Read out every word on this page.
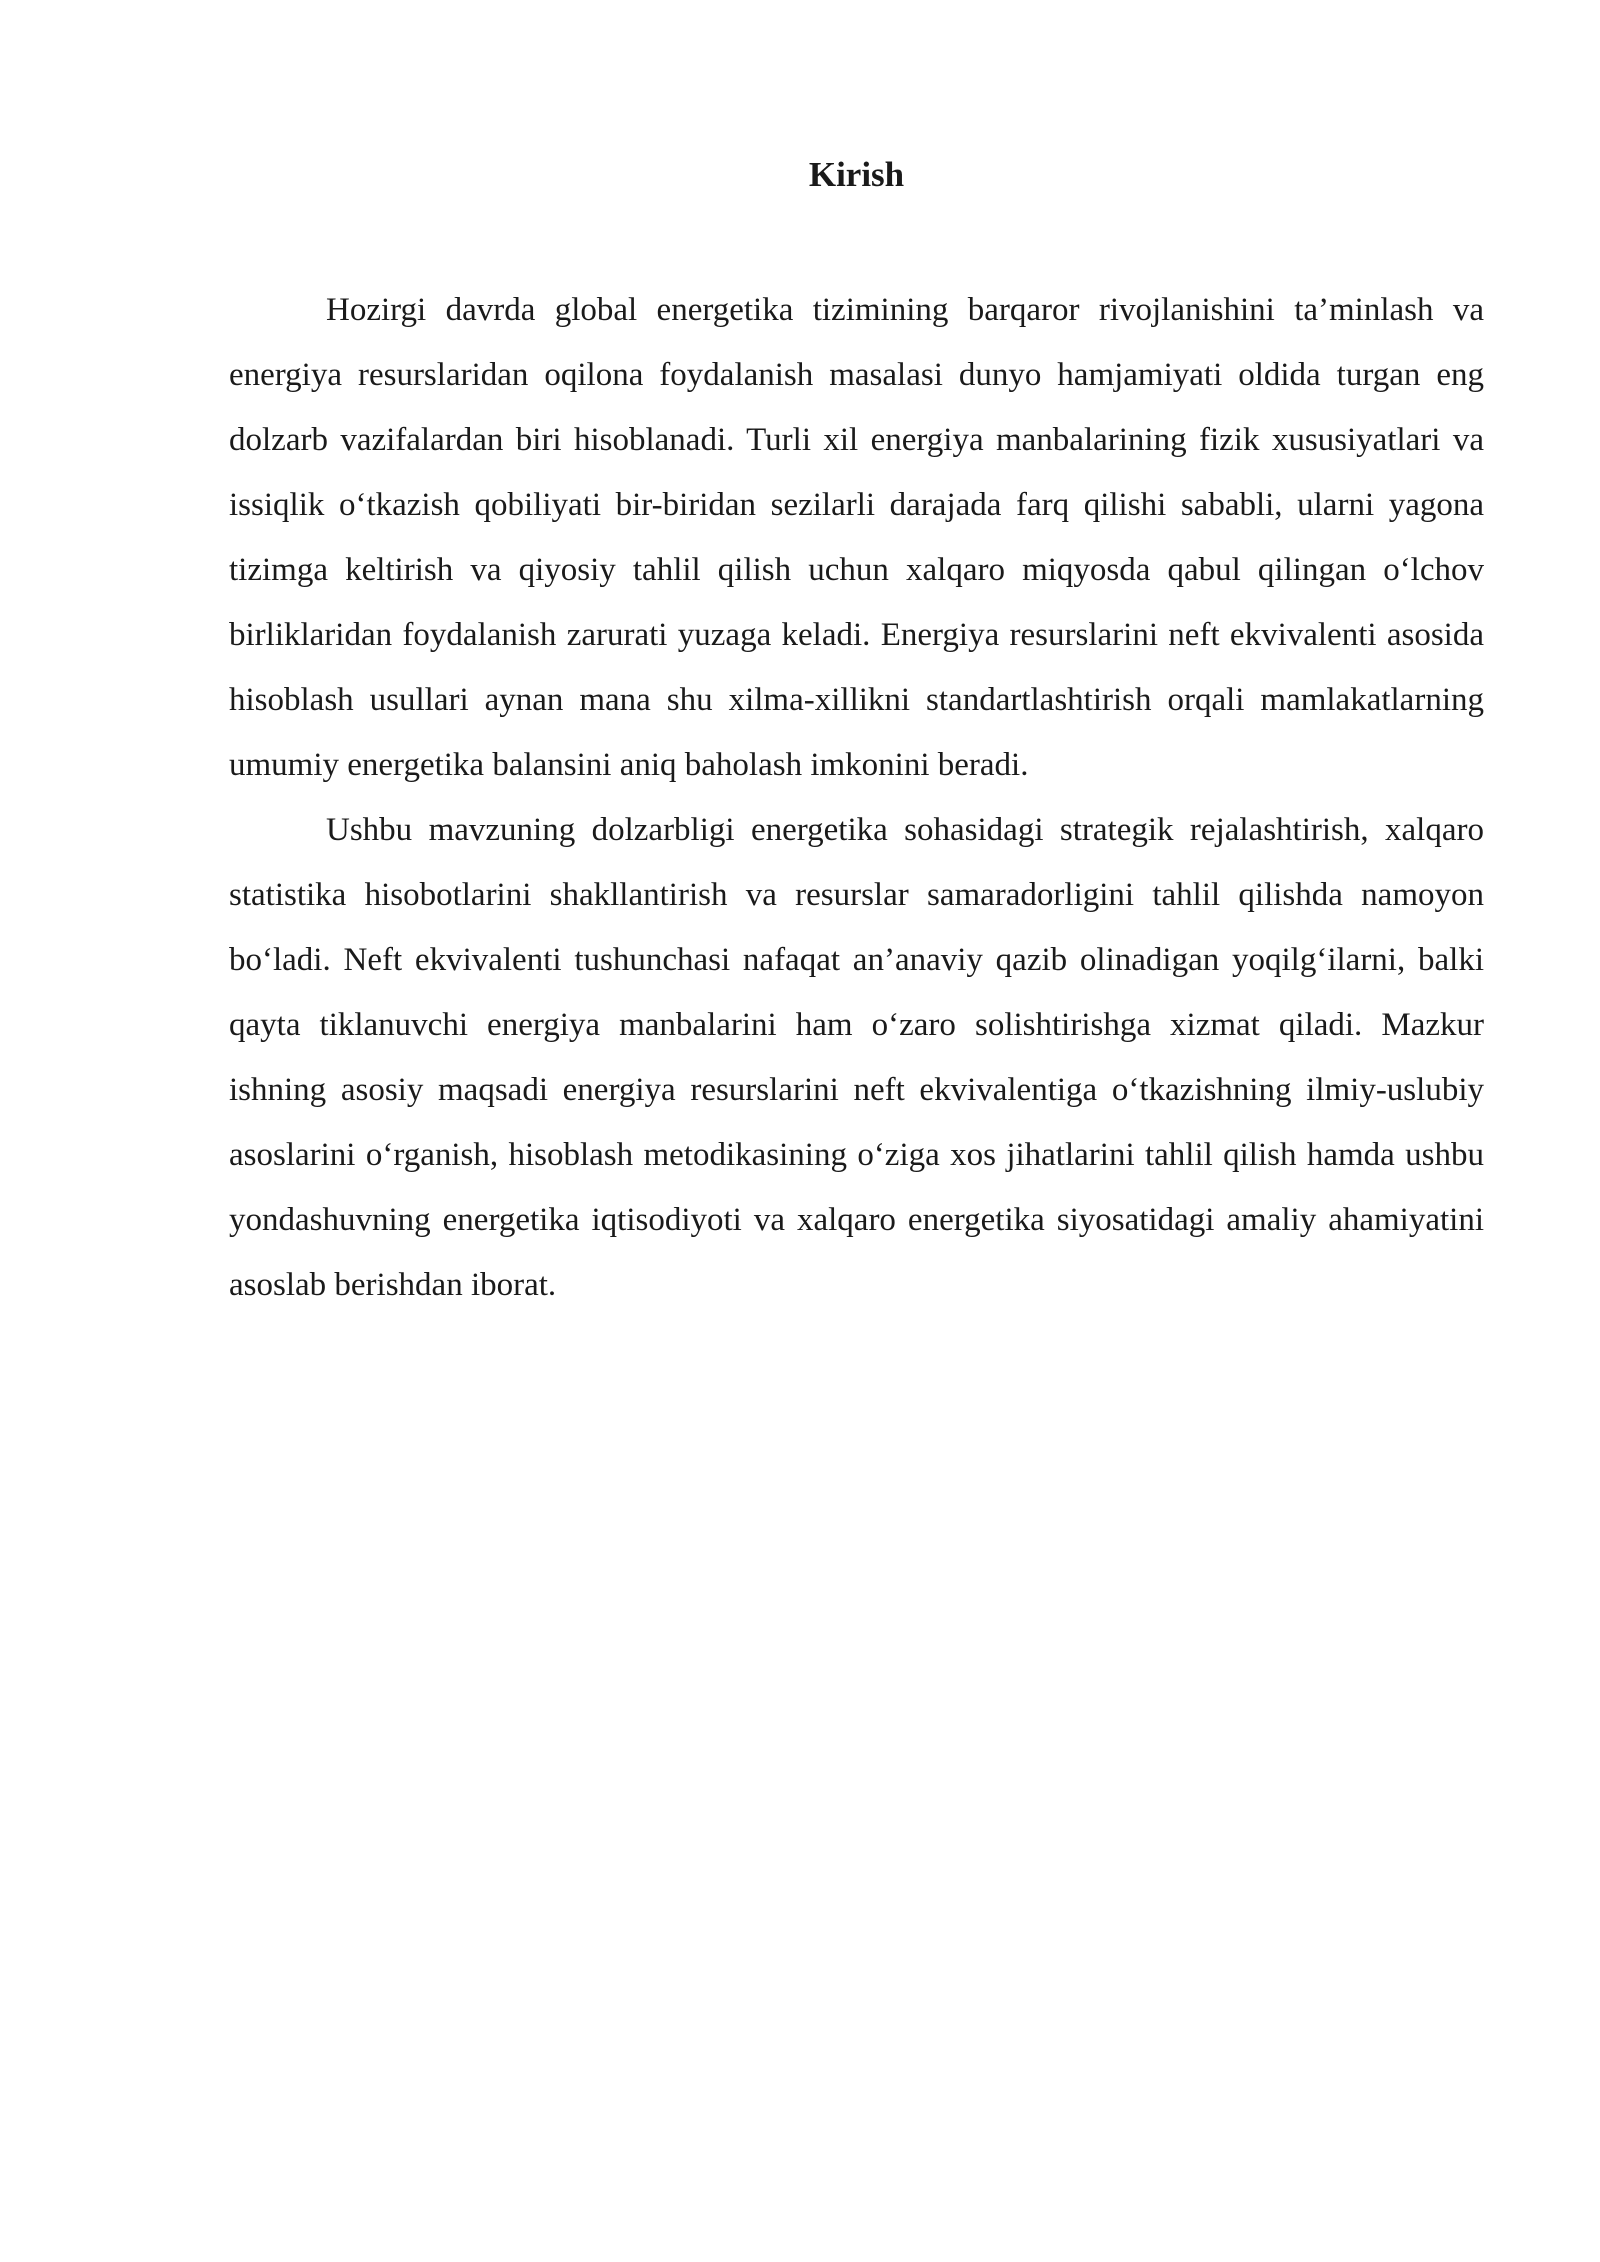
Kirish

Hozirgi davrda global energetika tizimining barqaror rivojlanishini ta’minlash va energiya resurslaridan oqilona foydalanish masalasi dunyo hamjamiyati oldida turgan eng dolzarb vazifalardan biri hisoblanadi. Turli xil energiya manbalarining fizik xususiyatlari va issiqlik o‘tkazish qobiliyati bir-biridan sezilarli darajada farq qilishi sababli, ularni yagona tizimga keltirish va qiyosiy tahlil qilish uchun xalqaro miqyosda qabul qilingan o‘lchov birliklaridan foydalanish zarurati yuzaga keladi. Energiya resurslarini neft ekvivalenti asosida hisoblash usullari aynan mana shu xilma-xillikni standartlashtirish orqali mamlakatlarning umumiy energetika balansini aniq baholash imkonini beradi.

Ushbu mavzuning dolzarbligi energetika sohasidagi strategik rejalashtirish, xalqaro statistika hisobotlarini shakllantirish va resurslar samaradorligini tahlil qilishda namoyon bo‘ladi. Neft ekvivalenti tushunchasi nafaqat an’anaviy qazib olinadigan yoqilg‘ilarni, balki qayta tiklanuvchi energiya manbalarini ham o‘zaro solishtirishga xizmat qiladi. Mazkur ishning asosiy maqsadi energiya resurslarini neft ekvivalentiga o‘tkazishning ilmiy-uslubiy asoslarini o‘rganish, hisoblash metodikasining o‘ziga xos jihatlarini tahlil qilish hamda ushbu yondashuvning energetika iqtisodiyoti va xalqaro energetika siyosatidagi amaliy ahamiyatini asoslab berishdan iborat.
